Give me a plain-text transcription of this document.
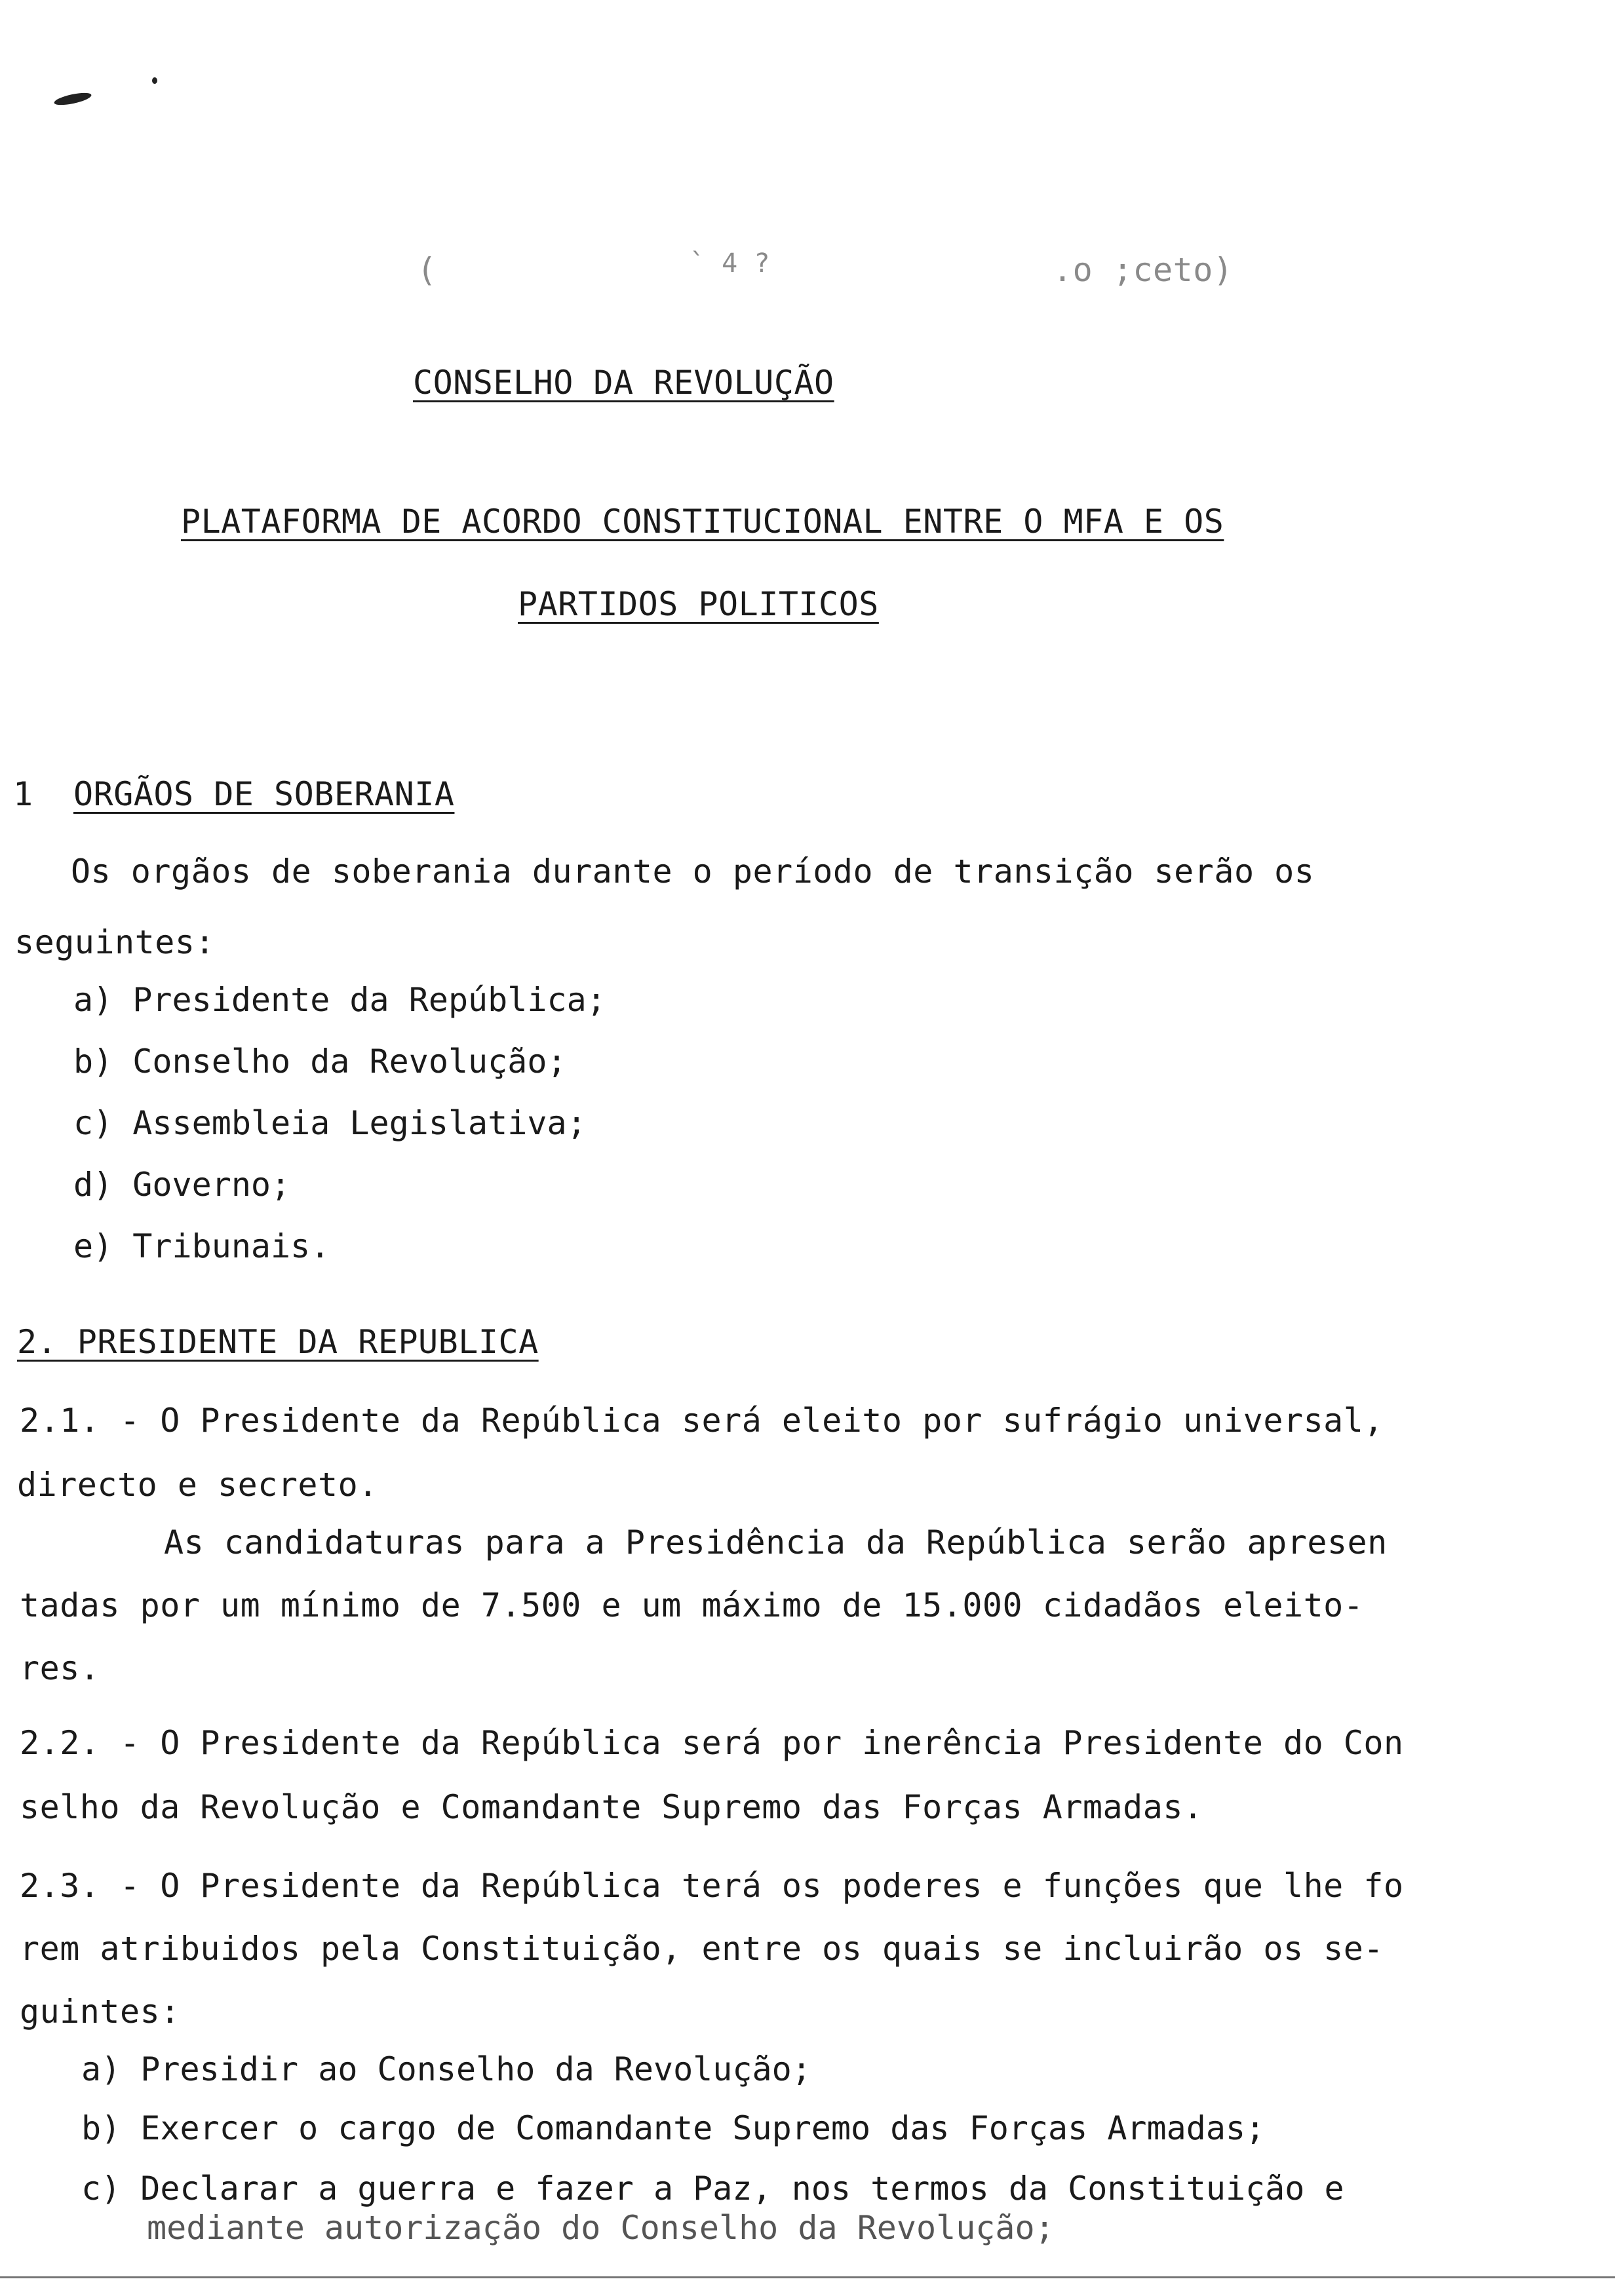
(	` 4 ?	.o ;ceto)
CONSELHO DA REVOLUÇÃO
PLATAFORMA DE ACORDO CONSTITUCIONAL ENTRE O MFA E OS
PARTIDOS POLITICOS
1 ORGÃOS DE SOBERANIA
Os orgãos de soberania durante o período de transição serão os
seguintes:
a) Presidente da República;
b) Conselho da Revolução;
c) Assembleia Legislativa;
d) Governo;
e) Tribunais.
2. PRESIDENTE DA REPUBLICA
2.1. - O Presidente da República será eleito por sufrágio universal,
directo e secreto.
As candidaturas para a Presidência da República serão apresen
tadas por um mínimo de 7.500 e um máximo de 15.000 cidadãos eleito-
res.
2.2. - O Presidente da República será por inerência Presidente do Con
selho da Revolução e Comandante Supremo das Forças Armadas.
2.3. - O Presidente da República terá os poderes e funções que lhe fo
rem atribuidos pela Constituição, entre os quais se incluirão os se-
guintes:
a) Presidir ao Conselho da Revolução;
b) Exercer o cargo de Comandante Supremo das Forças Armadas;
c) Declarar a guerra e fazer a Paz, nos termos da Constituição e
mediante autorização do Conselho da Revolução;
